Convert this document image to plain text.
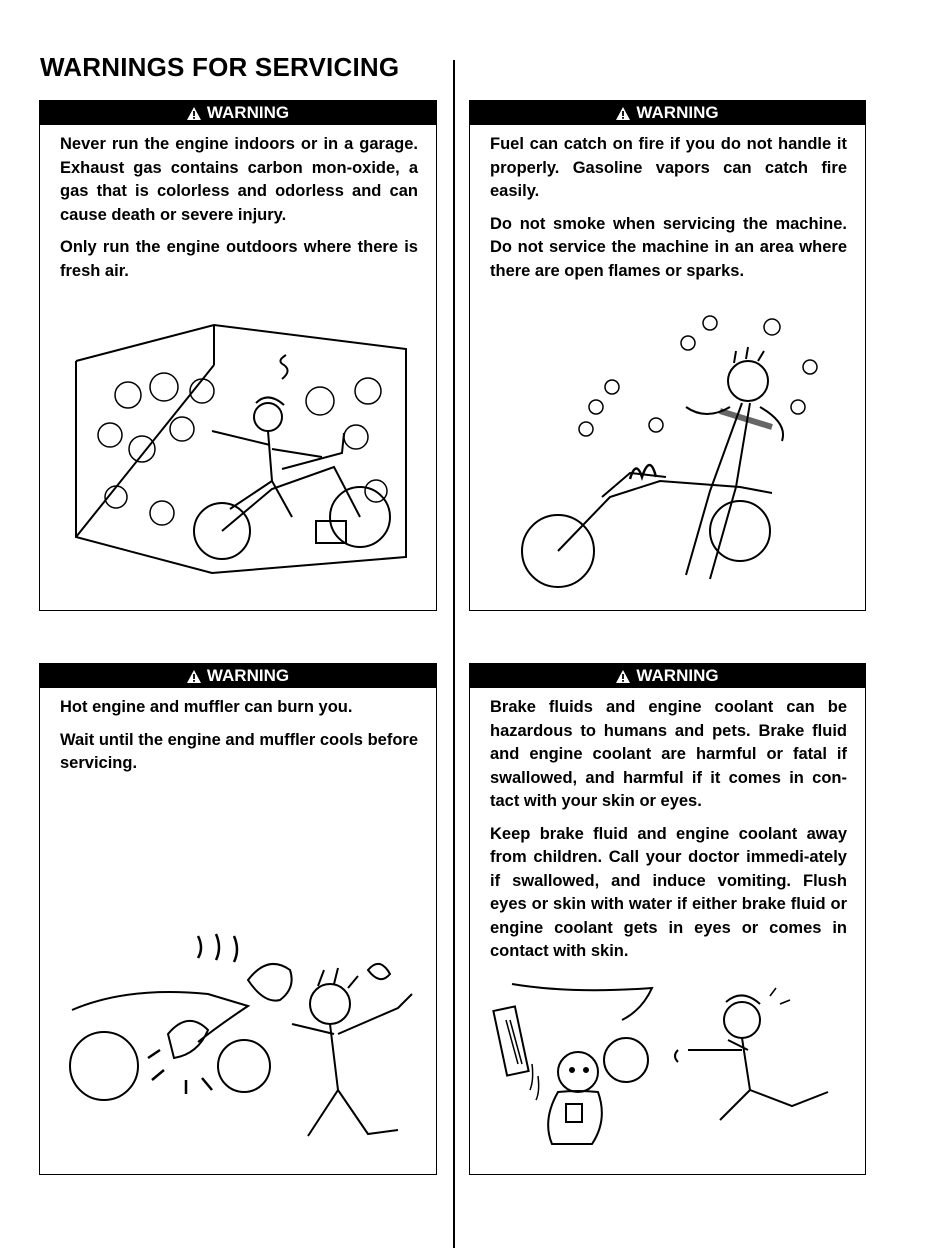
WARNINGS FOR SERVICING
WARNING

Never run the engine indoors or in a garage. Exhaust gas contains carbon mon-oxide, a gas that is colorless and odorless and can cause death or severe injury.

Only run the engine outdoors where there is fresh air.

WARNING

Fuel can catch on fire if you do not handle it properly. Gasoline vapors can catch fire easily.

Do not smoke when servicing the machine. Do not service the machine in an area where there are open flames or sparks.

WARNING

Hot engine and muffler can burn you.

Wait until the engine and muffler cools before servicing.

WARNING

Brake fluids and engine coolant can be hazardous to humans and pets. Brake fluid and engine coolant are harmful or fatal if swallowed, and harmful if it comes in con-tact with your skin or eyes.

Keep brake fluid and engine coolant away from children. Call your doctor immedi-ately if swallowed, and induce vomiting. Flush eyes or skin with water if either brake fluid or engine coolant gets in eyes or comes in contact with skin.
